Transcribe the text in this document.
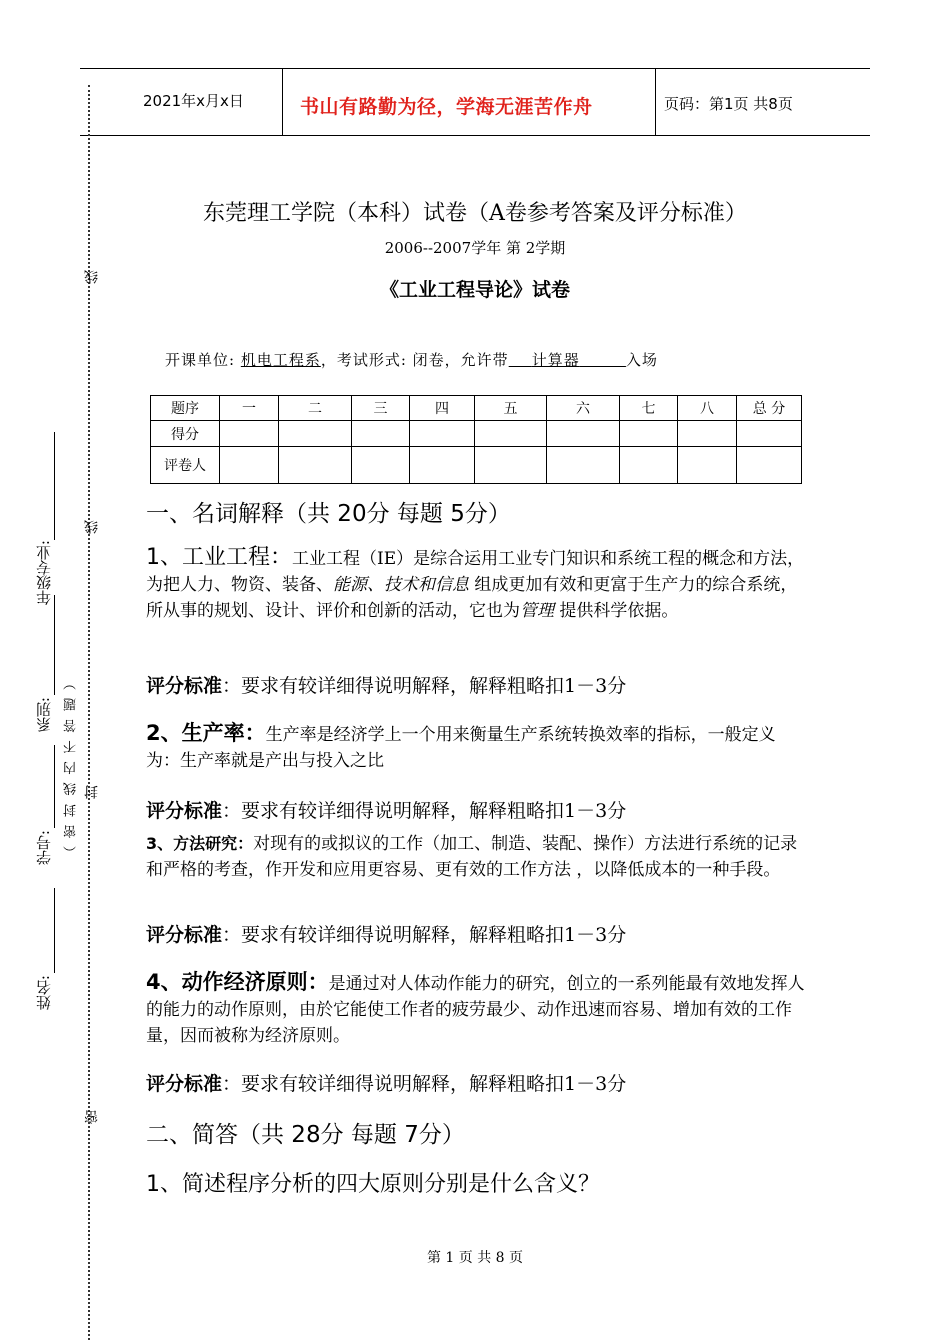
2021年x月x日	书山有路勤为径，学海无涯苦作舟	页码：第1页 共8页
线
线
封
密
（ 密 封 线 内 不 答 题 ）
年级专业:
系别:
学号:
姓名:
东莞理工学院（本科）试卷（A卷参考答案及评分标准）
2006--2007学年 第 2学期
《工业工程导论》试卷
开课单位: 机电工程系，考试形式: 闭卷，允许带 计算器	入场
题序	一	二	三	四	五	六	七	八	总 分
得分									
评卷人									
一、名词解释（共 20分 每题 5分）
1、工业工程：工业工程（IE）是综合运用工业专门知识和系统工程的概念和方法，为把人力、物资、装备、能源、技术和信息 组成更加有效和更富于生产力的综合系统，所从事的规划、设计、评价和创新的活动，它也为管理 提供科学依据。
评分标准：要求有较详细得说明解释，解释粗略扣1－3分
2、生产率：生产率是经济学上一个用来衡量生产系统转换效率的指标，一般定义为：生产率就是产出与投入之比
评分标准：要求有较详细得说明解释，解释粗略扣1－3分
3、方法研究：对现有的或拟议的工作（加工、制造、装配、操作）方法进行系统的记录和严格的考查，作开发和应用更容易、更有效的工作方法 ，以降低成本的一种手段。
评分标准：要求有较详细得说明解释，解释粗略扣1－3分
4、动作经济原则：是通过对人体动作能力的研究，创立的一系列能最有效地发挥人的能力的动作原则，由於它能使工作者的疲劳最少、动作迅速而容易、增加有效的工作量，因而被称为经济原则。
评分标准：要求有较详细得说明解释，解释粗略扣1－3分
二、简答（共 28分 每题 7分）
1、简述程序分析的四大原则分别是什么含义？
第 1 页 共 8 页
